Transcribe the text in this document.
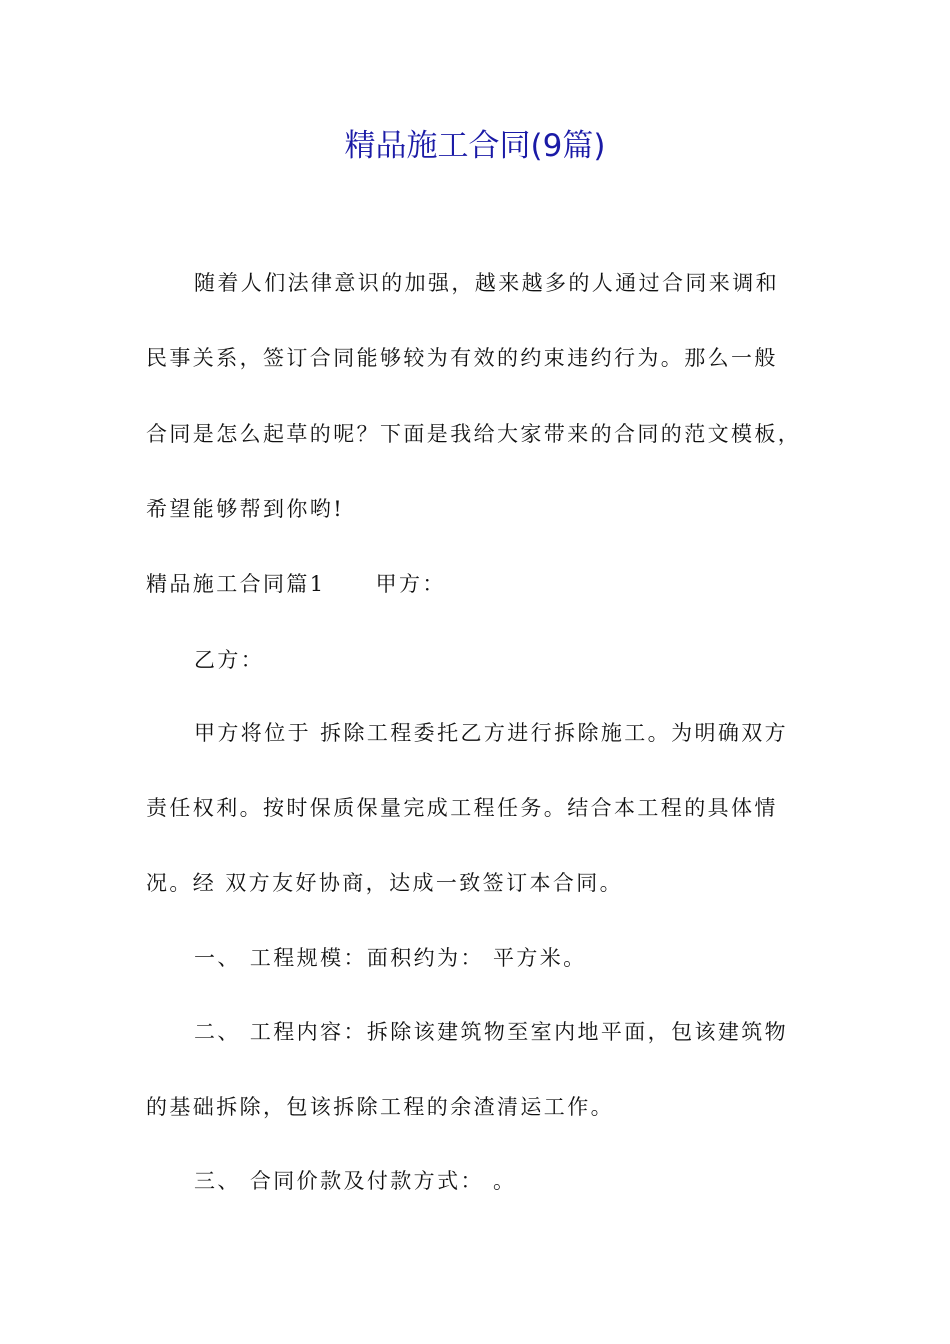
精品施工合同(9篇)

随着人们法律意识的加强，越来越多的人通过合同来调和

民事关系，签订合同能够较为有效的约束违约行为。那么一般

合同是怎么起草的呢？下面是我给大家带来的合同的范文模板，

希望能够帮到你哟!

精品施工合同篇1 甲方：

乙方：

甲方将位于 拆除工程委托乙方进行拆除施工。为明确双方

责任权利。按时保质保量完成工程任务。结合本工程的具体情

况。经 双方友好协商，达成一致签订本合同。

一、 工程规模：面积约为： 平方米。

二、 工程内容：拆除该建筑物至室内地平面，包该建筑物

的基础拆除，包该拆除工程的余渣清运工作。

三、 合同价款及付款方式： 。
